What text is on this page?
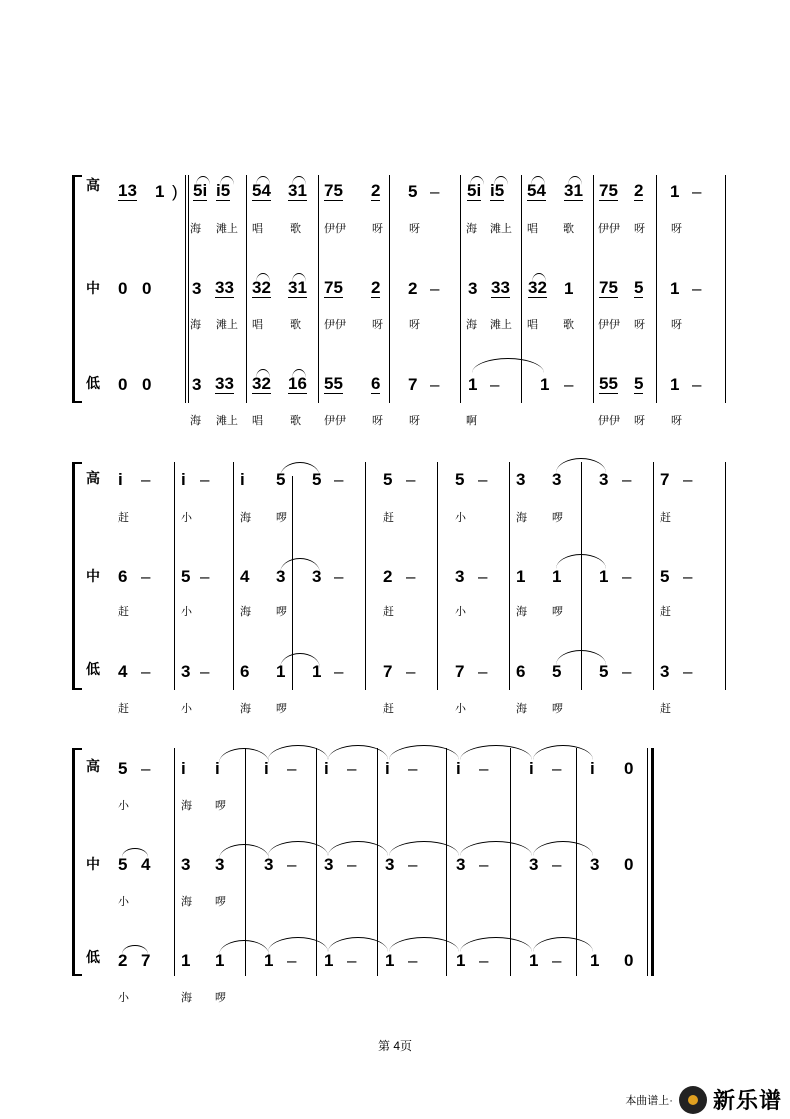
高
中
低
13 1 ) 5i i5 54 31 75 2 5 – 5i i5 54 31 75 2 1 –
海 滩上 唱 歌 伊伊 呀 呀	海 滩上 唱 歌 伊伊 呀 呀
0 0 3 33 32 31 75 2 2 – 3 33 32 1 75 5 1 –
海 滩上 唱 歌 伊伊 呀 呀	海 滩上 唱 歌 伊伊 呀 呀
0 0 3 33 32 16 55 6 7 – 1 – 1 – 55 5 1 –
海 滩上 唱 歌 伊伊 呀 呀	啊	伊伊 呀 呀
高
中
低
i – i – i 5 5 – 5 – 5 – 3 3 3 – 7 –
赶	小	海 啰	赶	小	海 啰	赶
6 – 5 – 4 3 3 – 2 – 3 – 1 1 1 – 5 –
赶	小	海 啰	赶	小	海 啰	赶
4 – 3 – 6 1 1 – 7 – 7 – 6 5 5 – 3 –
赶	小	海 啰	赶	小	海 啰	赶
高
中
低
5 – i i	i – i – i – i – i – i 0
小	海 啰
5 4 3 3 3 – 3 – 3 – 3 – 3 – 3 0
小	海 啰
2 7 1 1 1 – 1 – 1 – 1 – 1 – 1 0
小	海 啰
第 4页
本曲谱上· 新乐谱
